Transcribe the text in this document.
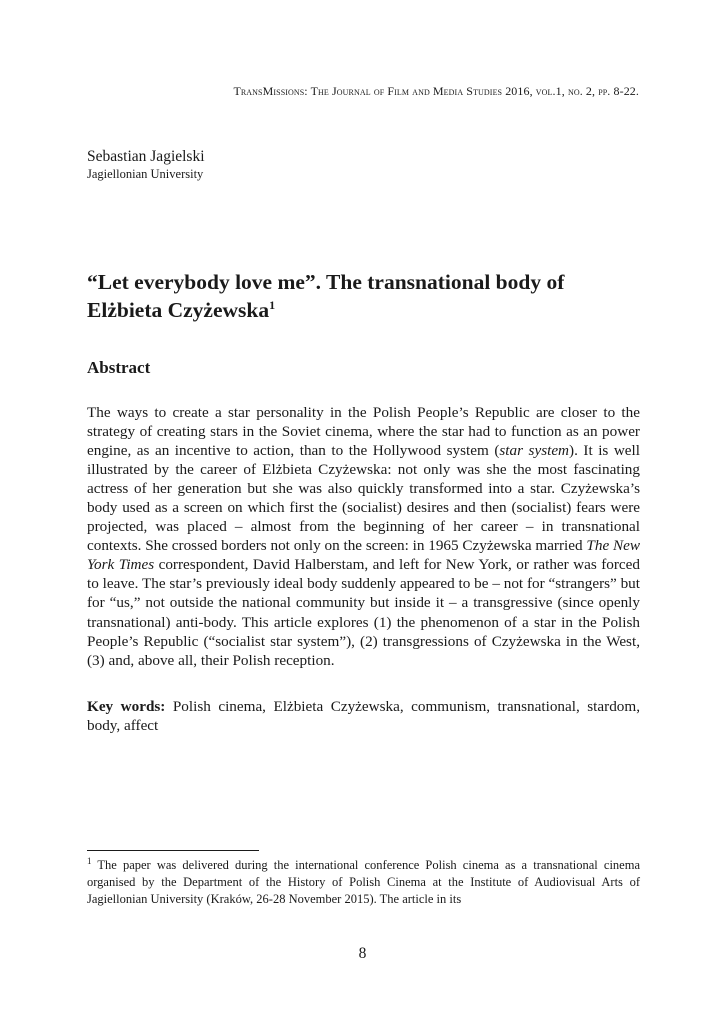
TransMissions: The Journal of Film and Media Studies 2016, vol.1, no. 2, pp. 8-22.
Sebastian Jagielski
Jagiellonian University
“Let everybody love me”. The transnational body of Elżbieta Czyżewska$^1$
Abstract

The ways to create a star personality in the Polish People’s Republic are closer to the strategy of creating stars in the Soviet cinema, where the star had to function as an power engine, as an incentive to action, than to the Hollywood system (star system). It is well illustrated by the career of Elżbieta Czyżewska: not only was she the most fascinating actress of her generation but she was also quickly transformed into a star. Czyżewska’s body used as a screen on which first the (socialist) desires and then (socialist) fears were projected, was placed – almost from the beginning of her career – in transnational contexts. She crossed borders not only on the screen: in 1965 Czyżewska married The New York Times correspondent, David Halberstam, and left for New York, or rather was forced to leave. The star’s previously ideal body suddenly appeared to be – not for “strangers” but for “us,” not outside the national community but inside it – a transgressive (since openly transnational) anti-body. This article explores (1) the phenomenon of a star in the Polish People’s Republic (“socialist star system”), (2) transgressions of Czyżewska in the West, (3) and, above all, their Polish reception.

Key words: Polish cinema, Elżbieta Czyżewska, communism, transnational, stardom, body, affect

$^1$ The paper was delivered during the international conference Polish cinema as a transnational cinema organised by the Department of the History of Polish Cinema at the Institute of Audiovisual Arts of Jagiellonian University (Kraków, 26-28 November 2015). The article in its

8
